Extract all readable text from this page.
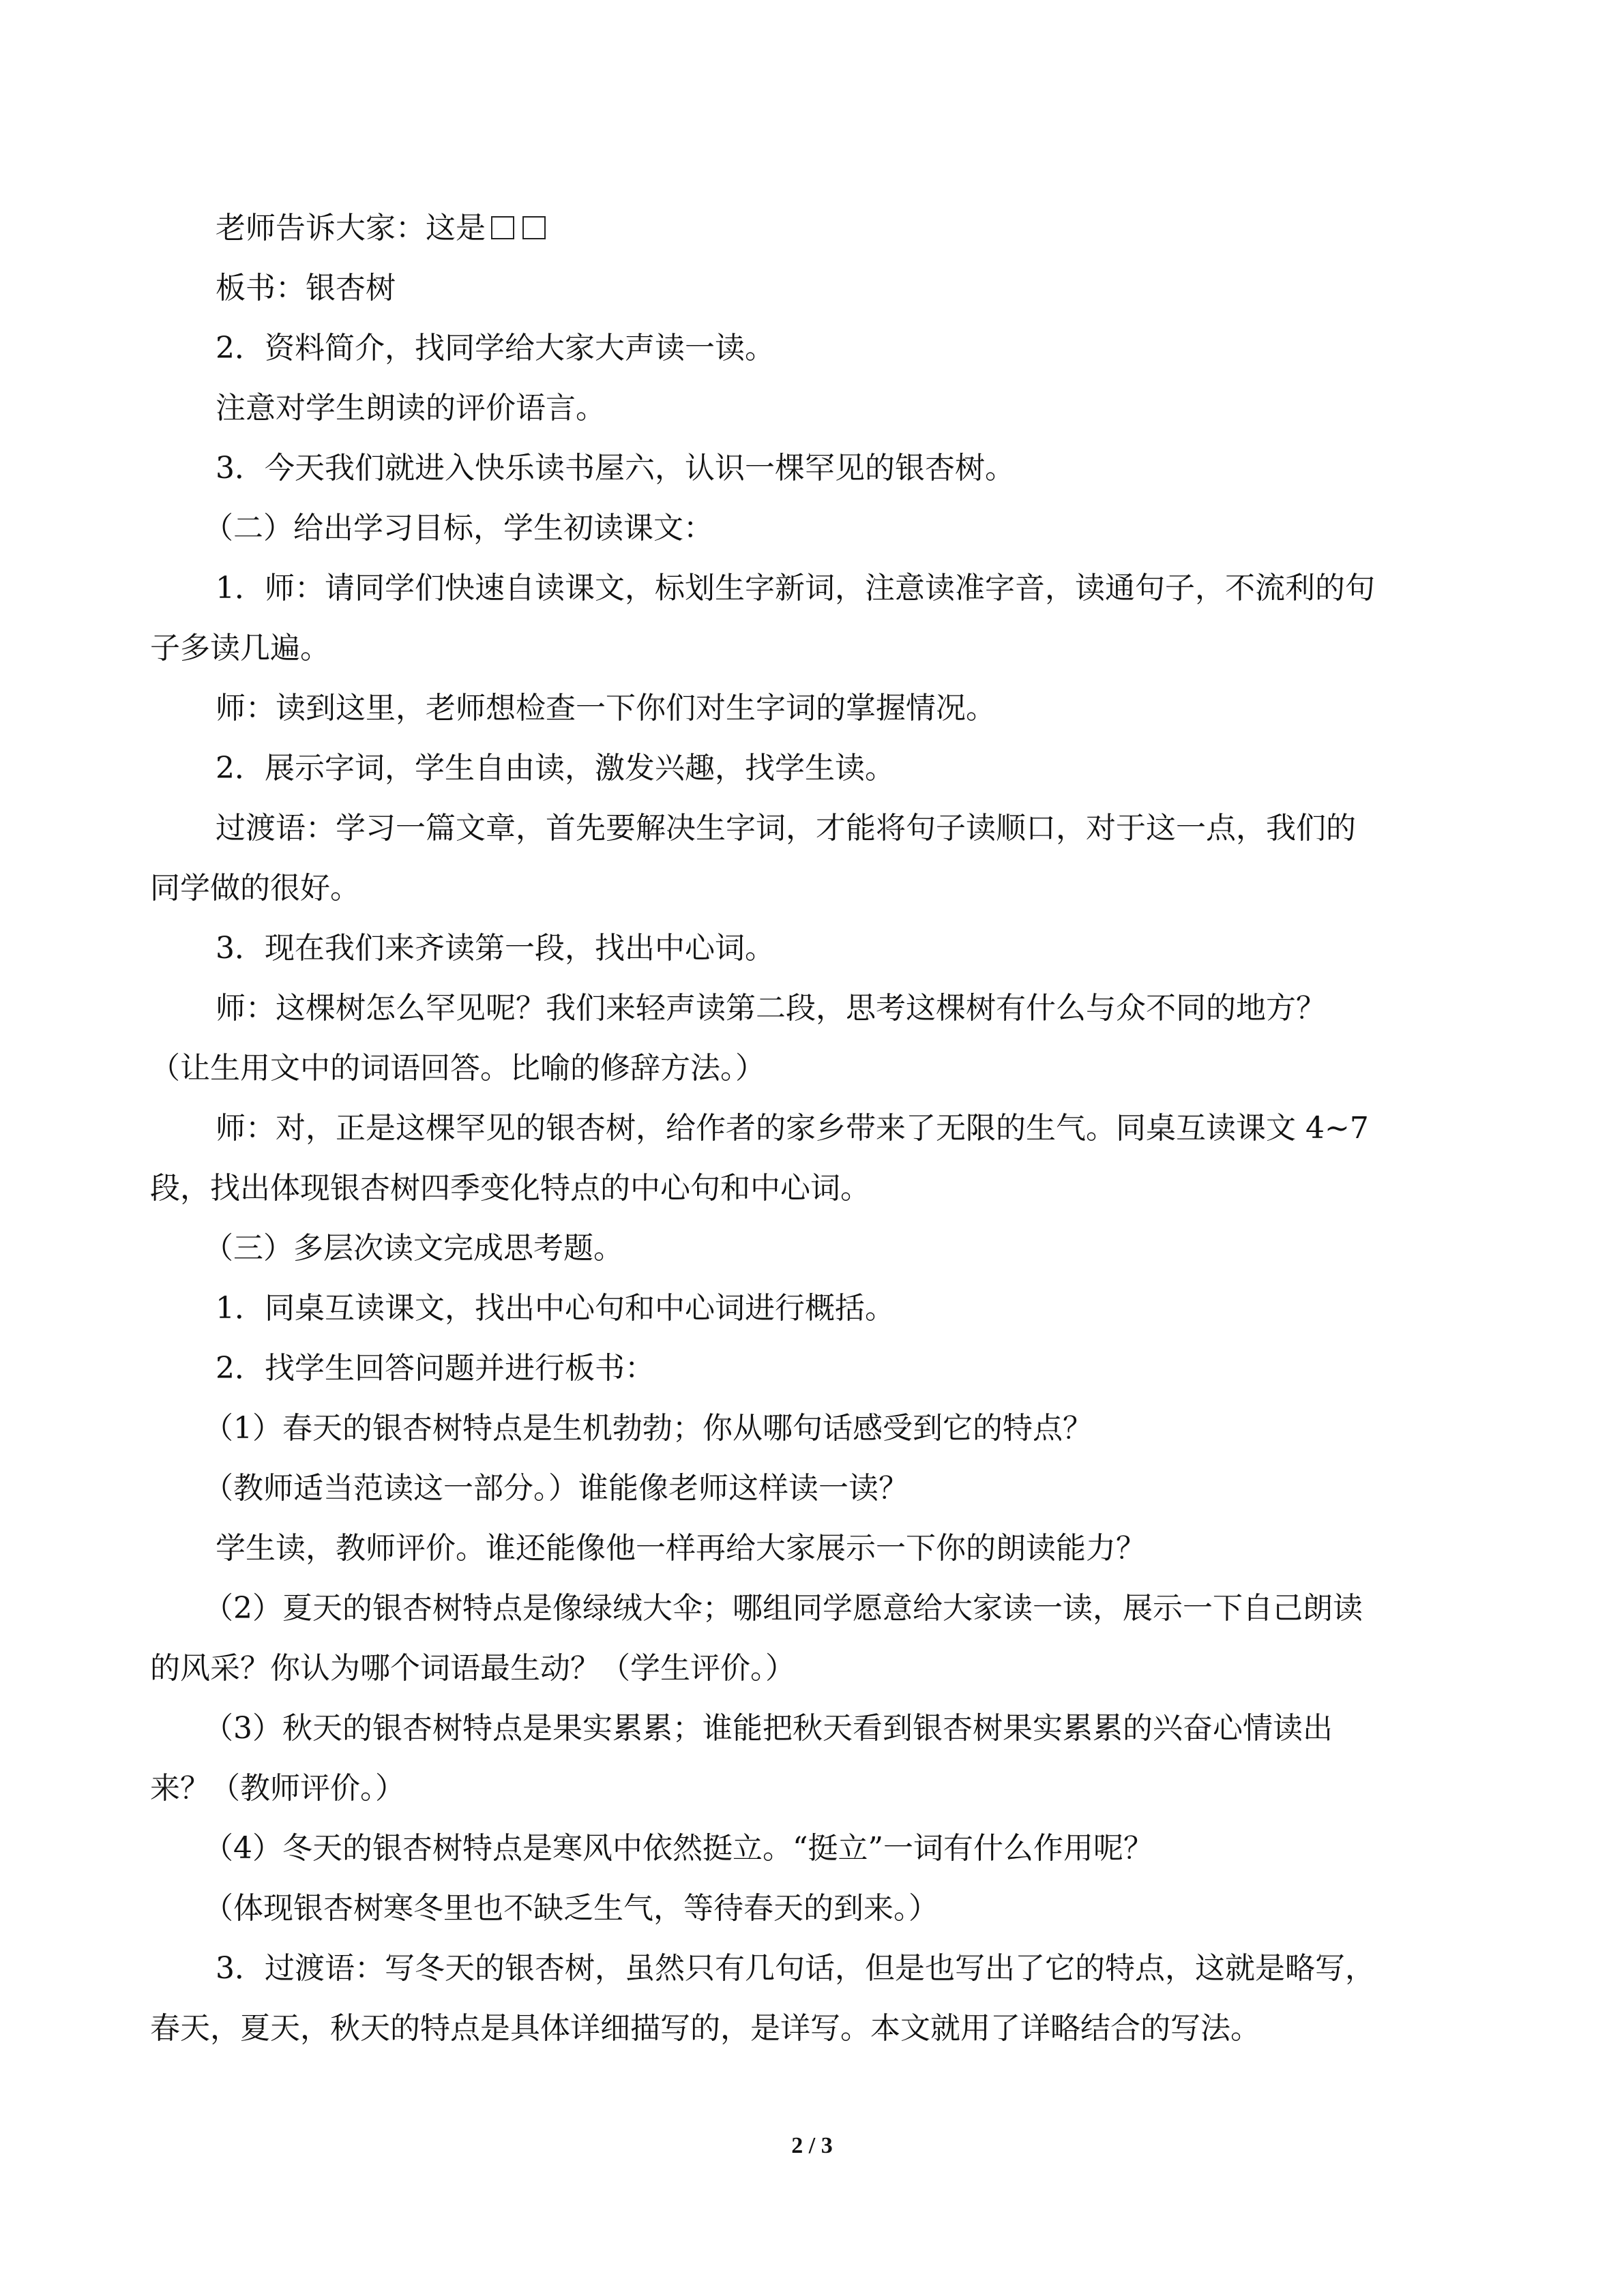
老师告诉大家：这是
板书：银杏树
2．资料简介，找同学给大家大声读一读。
注意对学生朗读的评价语言。
3．今天我们就进入快乐读书屋六，认识一棵罕见的银杏树。
（二）给出学习目标，学生初读课文：
1．师：请同学们快速自读课文，标划生字新词，注意读准字音，读通句子，不流利的句
子多读几遍。
师：读到这里，老师想检查一下你们对生字词的掌握情况。
2．展示字词，学生自由读，激发兴趣，找学生读。
过渡语：学习一篇文章，首先要解决生字词，才能将句子读顺口，对于这一点，我们的
同学做的很好。
3．现在我们来齐读第一段，找出中心词。
师：这棵树怎么罕见呢？我们来轻声读第二段，思考这棵树有什么与众不同的地方？
（让生用文中的词语回答。比喻的修辞方法。）
师：对，正是这棵罕见的银杏树，给作者的家乡带来了无限的生气。同桌互读课文 4~7
段，找出体现银杏树四季变化特点的中心句和中心词。
（三）多层次读文完成思考题。
1．同桌互读课文，找出中心句和中心词进行概括。
2．找学生回答问题并进行板书：
（1）春天的银杏树特点是生机勃勃；你从哪句话感受到它的特点？
（教师适当范读这一部分。）谁能像老师这样读一读？
学生读，教师评价。谁还能像他一样再给大家展示一下你的朗读能力？
（2）夏天的银杏树特点是像绿绒大伞；哪组同学愿意给大家读一读，展示一下自己朗读
的风采？你认为哪个词语最生动？（学生评价。）
（3）秋天的银杏树特点是果实累累；谁能把秋天看到银杏树果实累累的兴奋心情读出
来？（教师评价。）
（4）冬天的银杏树特点是寒风中依然挺立。“挺立”一词有什么作用呢？
（体现银杏树寒冬里也不缺乏生气，等待春天的到来。）
3．过渡语：写冬天的银杏树，虽然只有几句话，但是也写出了它的特点，这就是略写，
春天，夏天，秋天的特点是具体详细描写的，是详写。本文就用了详略结合的写法。
2 / 3
